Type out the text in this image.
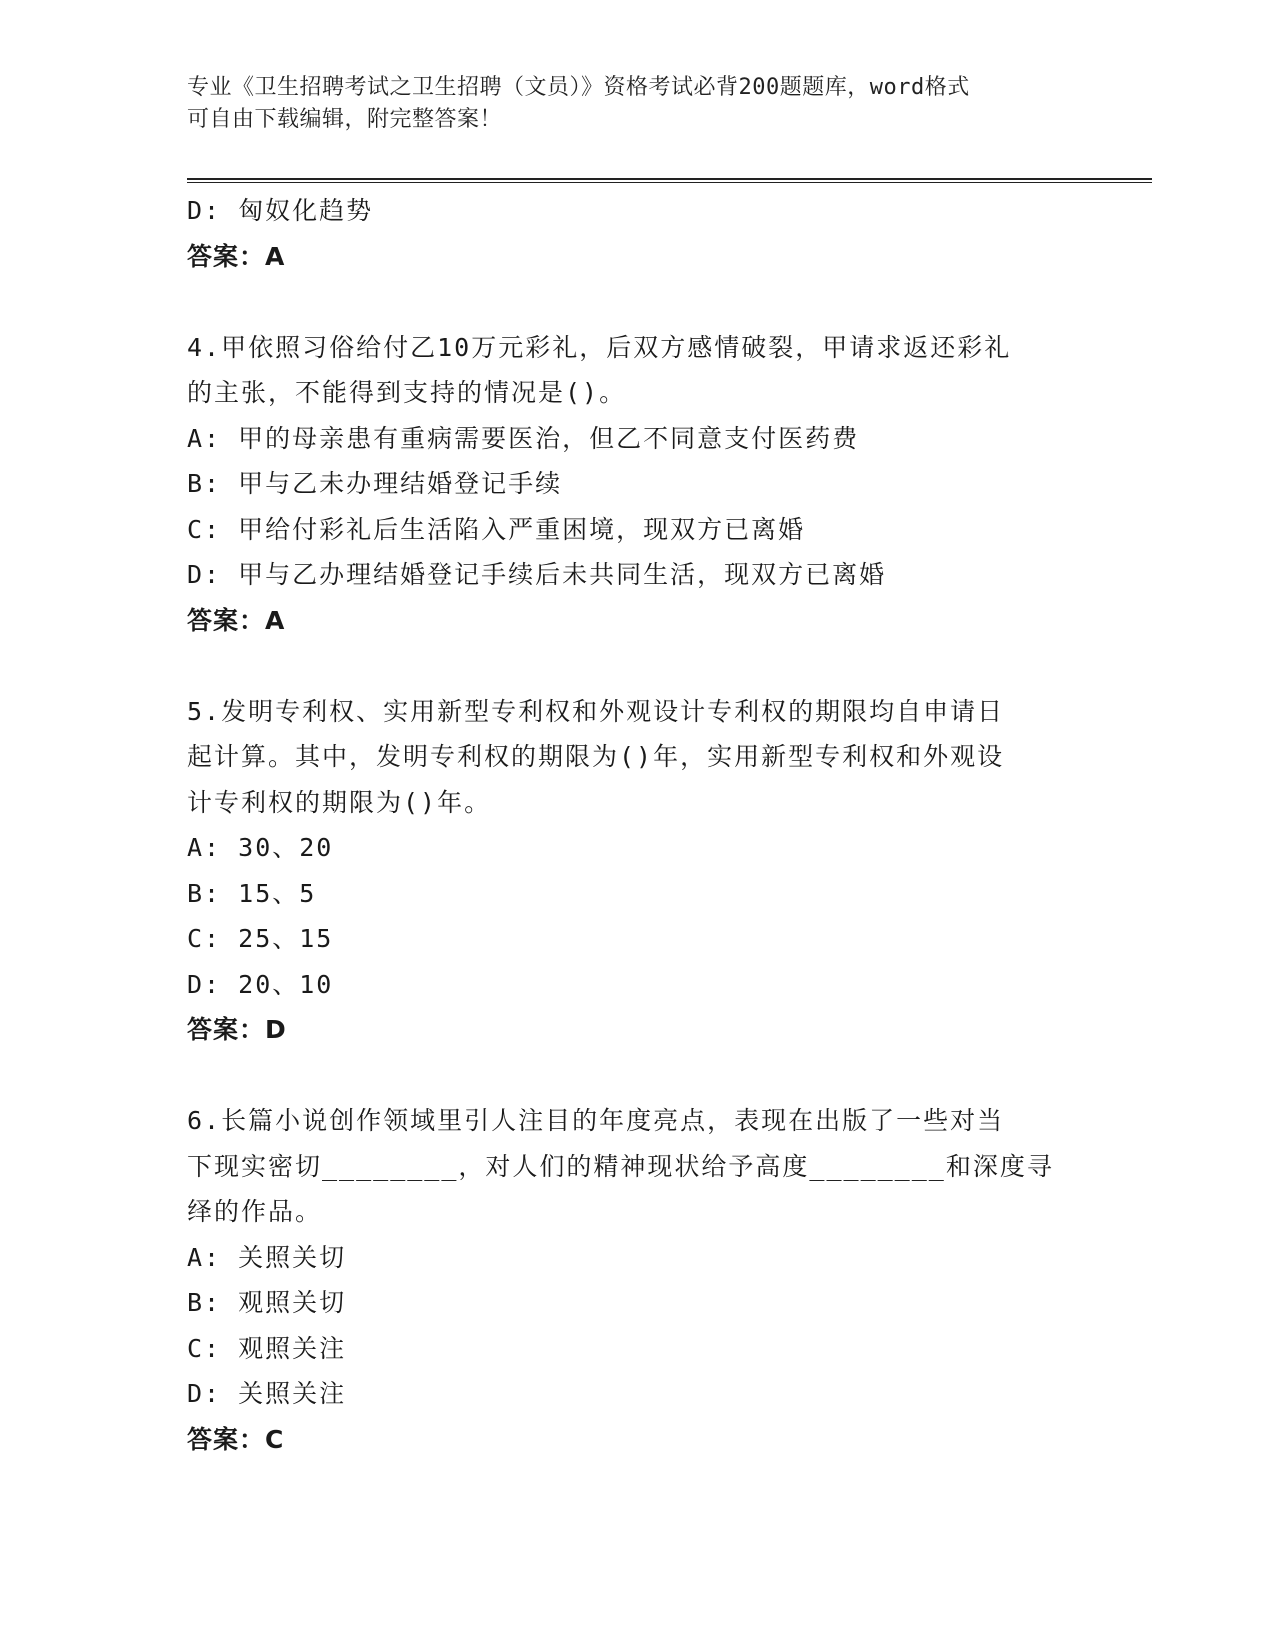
专业《卫生招聘考试之卫生招聘（文员）》资格考试必背200题题库，word格式
可自由下载编辑，附完整答案！
D: 匈奴化趋势
答案：A
4.甲依照习俗给付乙10万元彩礼，后双方感情破裂，甲请求返还彩礼
的主张，不能得到支持的情况是()。
A: 甲的母亲患有重病需要医治，但乙不同意支付医药费
B: 甲与乙未办理结婚登记手续
C: 甲给付彩礼后生活陷入严重困境，现双方已离婚
D: 甲与乙办理结婚登记手续后未共同生活，现双方已离婚
答案：A
5.发明专利权、实用新型专利权和外观设计专利权的期限均自申请日
起计算。其中，发明专利权的期限为()年，实用新型专利权和外观设
计专利权的期限为()年。
A: 30、20
B: 15、5
C: 25、15
D: 20、10
答案：D
6.长篇小说创作领域里引人注目的年度亮点，表现在出版了一些对当
下现实密切________，对人们的精神现状给予高度________和深度寻
绎的作品。
A: 关照关切
B: 观照关切
C: 观照关注
D: 关照关注
答案：C
